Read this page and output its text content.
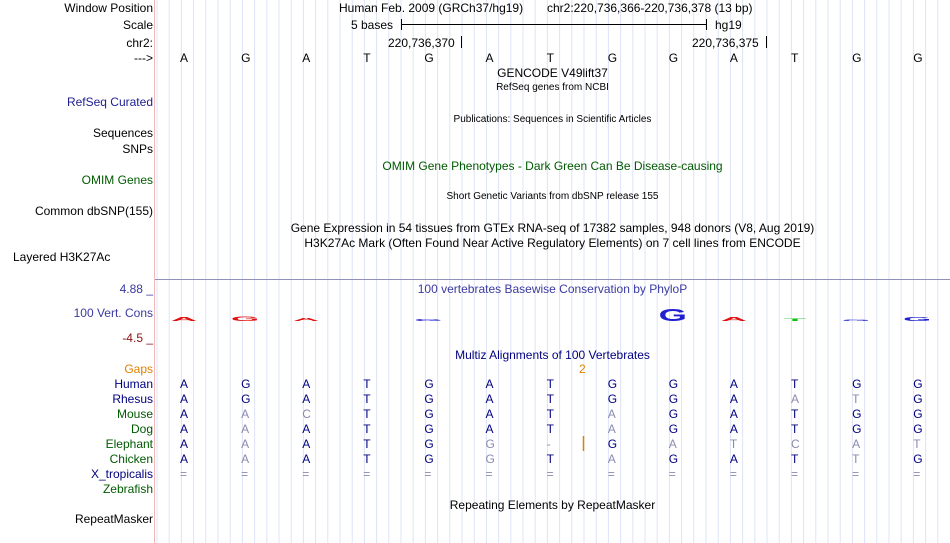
A G A	G	G A	T	G G
Window Position	Human Feb. 2009 (GRCh37/hg19) chr2:220,736,366-220,736,378 (13 bp)
Scale	5 bases	hg19
chr2:	220,736,370	220,736,375
---> A	G	A	T	G	A	T	G	G	A	T	G	G
GENCODE V49lift37
RefSeq genes from NCBI
RefSeq Curated
Publications: Sequences in Scientific Articles
Sequences
SNPs
OMIM Gene Phenotypes - Dark Green Can Be Disease-causing
OMIM Genes
Short Genetic Variants from dbSNP release 155
Common dbSNP(155)
Gene Expression in 54 tissues from GTEx RNA-seq of 17382 samples, 948 donors (V8, Aug 2019)
H3K27Ac Mark (Often Found Near Active Regulatory Elements) on 7 cell lines from ENCODE
Layered H3K27Ac
100 vertebrates Basewise Conservation by PhyloP
4.88 _
100 Vert. Cons
-4.5 _
Multiz Alignments of 100 Vertebrates
Gaps	2
Human A	G	A	T	G	A	T	G	G	A	T	G	G
Rhesus A	G	A	T	G	A	T	G	G	A	A	T	G
Mouse A	A	C	T	G	A	T	A	G	A	T	G	G
Dog A	A	A	T	G	A	T	A	G	A	T	G	G
Elephant A	A	A	T	G	G	-	G	A	T	C	A	T
Chicken A	A	A	T	G	G	T	A	G	A	T	T	G
X_tropicalis =	=	=	=	=	=	=	=	=	=	=	=	=
Zebrafish
Repeating Elements by RepeatMasker
RepeatMasker
